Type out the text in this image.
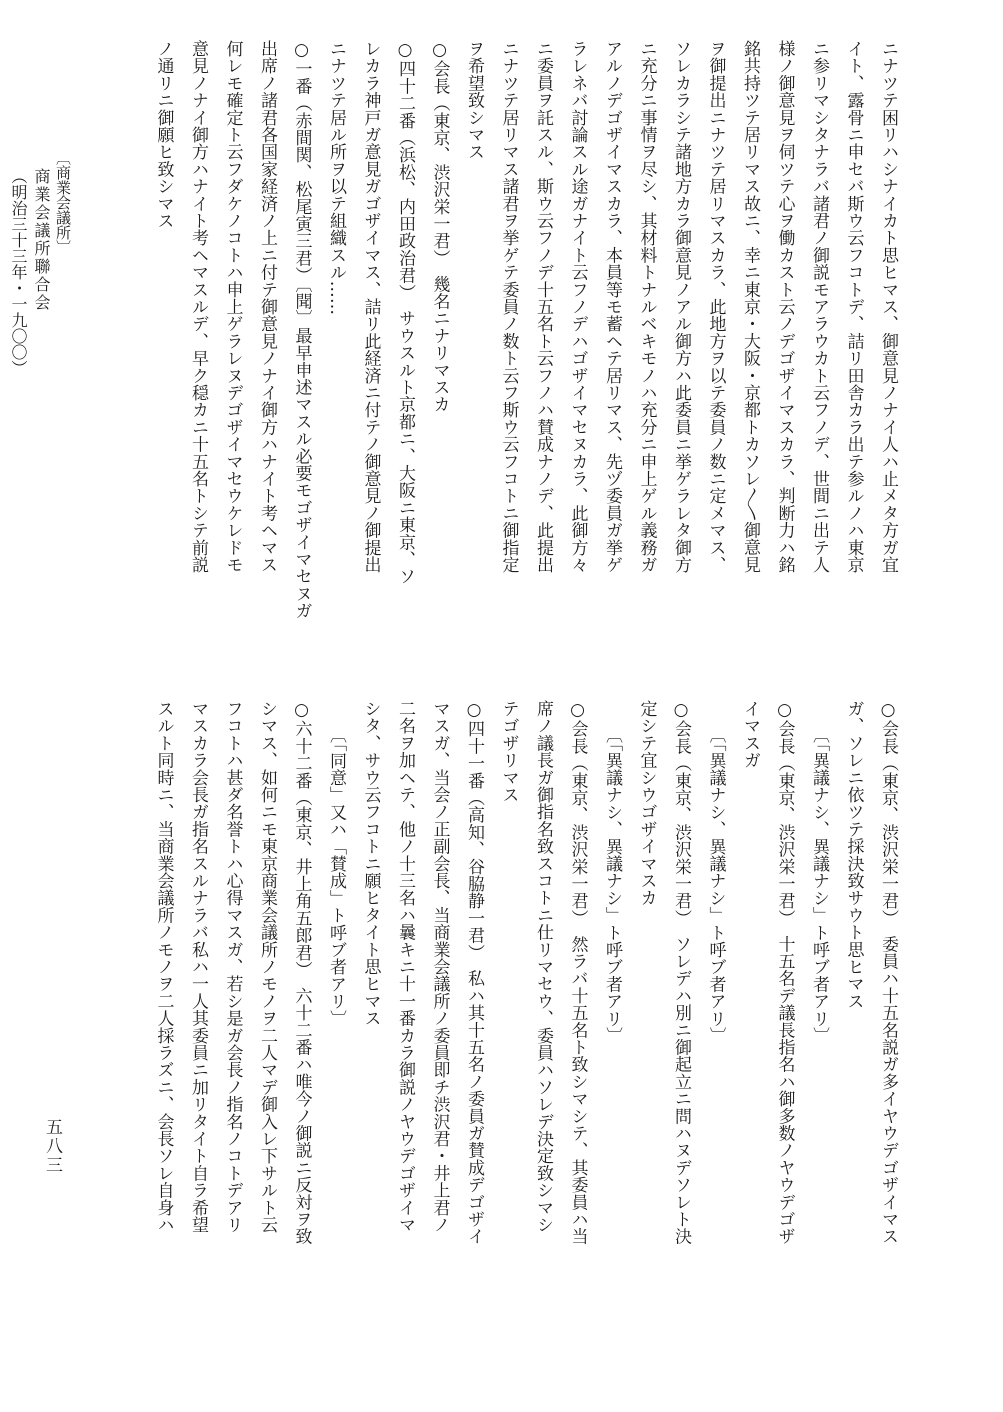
ニナツテ困リハシナイカト思ヒマス、御意見ノナイ人ハ止メタ方ガ宜
イト、露骨ニ申セバ斯ウ云フコトデ、詰リ田舎カラ出テ参ルノハ東京
ニ参リマシタナラバ諸君ノ御説モアラウカト云フノデ、世間ニ出テ人
様ノ御意見ヲ伺ツテ心ヲ働カスト云ノデゴザイマスカラ、判断力ハ銘
銘共持ツテ居リマス故ニ、幸ニ東京・大阪・京都トカソレ〳〵御意見
ヲ御提出ニナツテ居リマスカラ、此地方ヲ以テ委員ノ数ニ定メマス、
ソレカラシテ諸地方カラ御意見ノアル御方ハ此委員ニ挙ゲラレタ御方
ニ充分ニ事情ヲ尽シ、其材料トナルベキモノハ充分ニ申上ゲル義務ガ
アルノデゴザイマスカラ、本員等モ蓄ヘテ居リマス、先ヅ委員ガ挙ゲ
ラレネバ討論スル途ガナイト云フノデハゴザイマセヌカラ、此御方々
ニ委員ヲ託スル、斯ウ云フノデ十五名ト云フノハ賛成ナノデ、此提出
ニナツテ居リマス諸君ヲ挙ゲテ委員ノ数ト云フ斯ウ云フコトニ御指定
ヲ希望致シマス
○会長（東京、渋沢栄一君）　幾名ニナリマスカ
○四十二番（浜松、内田政治君）　サウスルト京都ニ、大阪ニ東京、ソ
レカラ神戸ガ意見ガゴザイマス、詰リ此経済ニ付テノ御意見ノ御提出
ニナツテ居ル所ヲ以テ組織スル……
○一番（赤間関、松尾寅三君）〔聞〕最早申述マスル必要モゴザイマセヌガ
出席ノ諸君各国家経済ノ上ニ付テ御意見ノナイ御方ハナイト考ヘマス
何レモ確定ト云フダケノコトハ申上ゲラレヌデゴザイマセウケレドモ
意見ノナイ御方ハナイト考ヘマスルデ、早ク穏カニ十五名トシテ前説
ノ通リニ御願ヒ致シマス
○会長（東京、渋沢栄一君）　委員ハ十五名説ガ多イヤウデゴザイマス
ガ、ソレニ依ツテ採決致サウト思ヒマス
　　〔「異議ナシ、異議ナシ」ト呼ブ者アリ〕
○会長（東京、渋沢栄一君）　十五名デ議長指名ハ御多数ノヤウデゴザ
イマスガ
　　〔「異議ナシ、異議ナシ」ト呼ブ者アリ〕
○会長（東京、渋沢栄一君）　ソレデハ別ニ御起立ニ問ハヌデソレト決
定シテ宜シウゴザイマスカ
　　〔「異議ナシ、異議ナシ」ト呼ブ者アリ〕
○会長（東京、渋沢栄一君）　然ラバ十五名ト致シマシテ、其委員ハ当
席ノ議長ガ御指名致スコトニ仕リマセウ、委員ハソレデ決定致シマシ
テゴザリマス
○四十一番（高知、谷脇静一君）　私ハ其十五名ノ委員ガ賛成デゴザイ
マスガ、当会ノ正副会長、当商業会議所ノ委員即チ渋沢君・井上君ノ
二名ヲ加ヘテ、他ノ十三名ハ曩キニ十一番カラ御説ノヤウデゴザイマ
シタ、サウ云フコトニ願ヒタイト思ヒマス
　　〔「同意」又ハ「賛成」ト呼ブ者アリ〕
○六十二番（東京、井上角五郎君）　六十二番ハ唯今ノ御説ニ反対ヲ致
シマス、如何ニモ東京商業会議所ノモノヲ二人マデ御入レ下サルト云
フコトハ甚ダ名誉トハ心得マスガ、若シ是ガ会長ノ指名ノコトデアリ
マスカラ会長ガ指名スルナラバ私ハ一人其委員ニ加リタイト自ラ希望
スルト同時ニ、当商業会議所ノモノヲ二人採ラズニ、会長ソレ自身ハ
〔商業会議所〕
商業会議所聯合会
（明治三十三年・一九〇〇）
五八三
